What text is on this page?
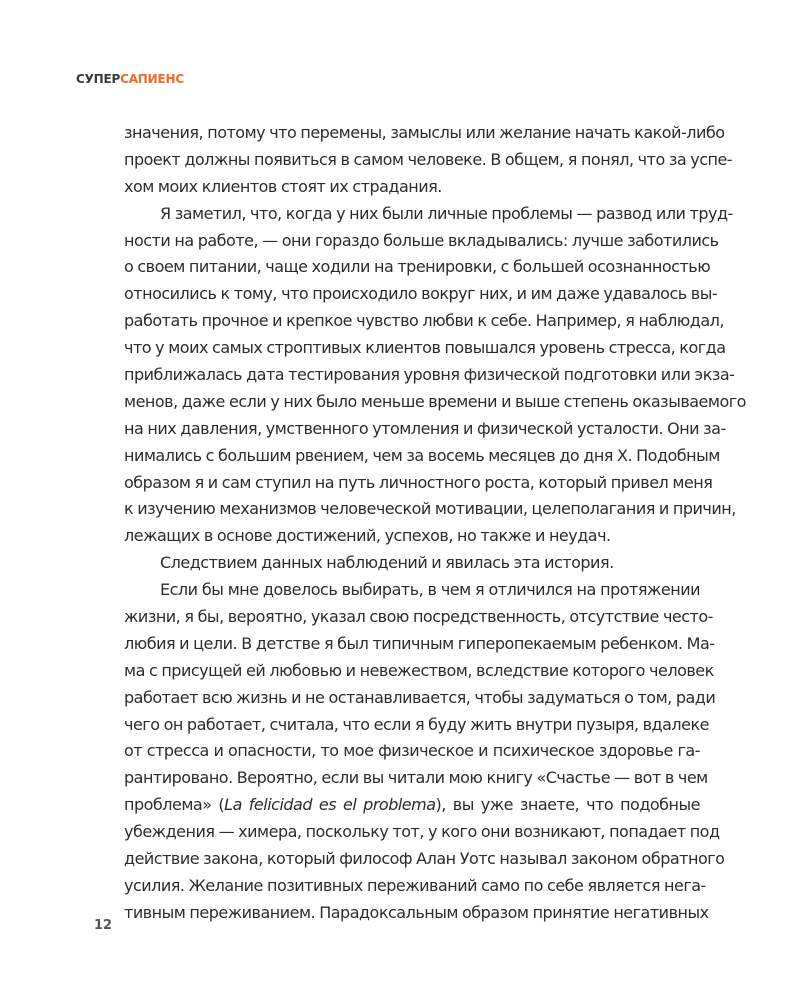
СУПЕРСАПИЕНС
значения, потому что перемены, замыслы или желание начать какой-либо
проект должны появиться в самом человеке. В общем, я понял, что за успе-
хом моих клиентов стоят их страдания.
Я заметил, что, когда у них были личные проблемы — развод или труд-
ности на работе, — они гораздо больше вкладывались: лучше заботились
о своем питании, чаще ходили на тренировки, с большей осознанностью
относились к тому, что происходило вокруг них, и им даже удавалось вы-
работать прочное и крепкое чувство любви к себе. Например, я наблюдал,
что у моих самых строптивых клиентов повышался уровень стресса, когда
приближалась дата тестирования уровня физической подготовки или экза-
менов, даже если у них было меньше времени и выше степень оказываемого
на них давления, умственного утомления и физической усталости. Они за-
нимались с большим рвением, чем за восемь месяцев до дня X. Подобным
образом я и сам ступил на путь личностного роста, который привел меня
к изучению механизмов человеческой мотивации, целеполагания и причин,
лежащих в основе достижений, успехов, но также и неудач.
Следствием данных наблюдений и явилась эта история.
Если бы мне довелось выбирать, в чем я отличился на протяжении
жизни, я бы, вероятно, указал свою посредственность, отсутствие често-
любия и цели. В детстве я был типичным гиперопекаемым ребенком. Ма-
ма с присущей ей любовью и невежеством, вследствие которого человек
работает всю жизнь и не останавливается, чтобы задуматься о том, ради
чего он работает, считала, что если я буду жить внутри пузыря, вдалеке
от стресса и опасности, то мое физическое и психическое здоровье га-
рантировано. Вероятно, если вы читали мою книгу «Счастье — вот в чем
проблема» (La felicidad es el problema), вы уже знаете, что подобные
убеждения — химера, поскольку тот, у кого они возникают, попадает под
действие закона, который философ Алан Уотс называл законом обратного
усилия. Желание позитивных переживаний само по себе является нега-
тивным переживанием. Парадоксальным образом принятие негативных
12
